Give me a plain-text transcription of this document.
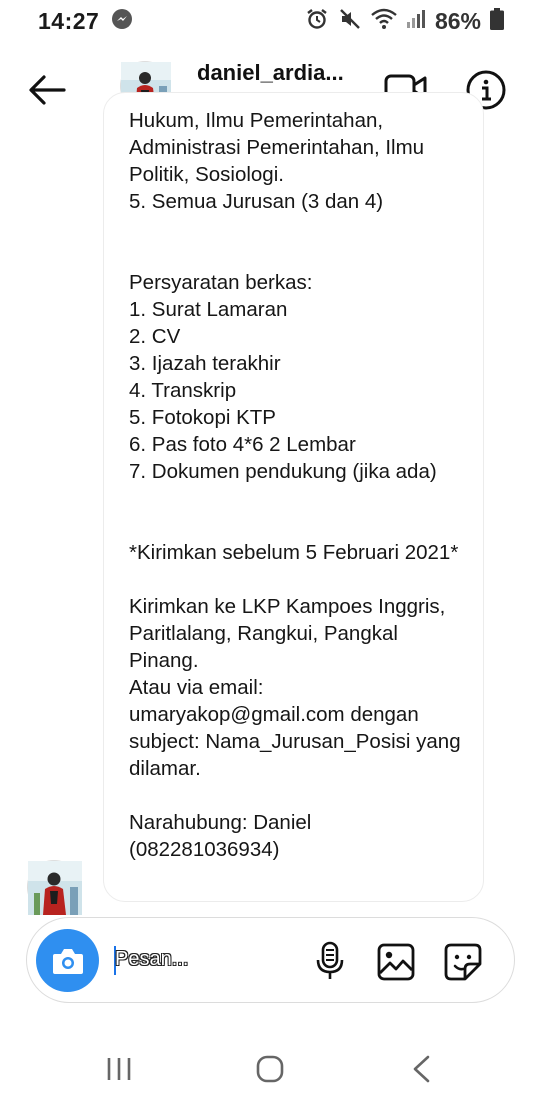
14:27	86%
daniel_ardia...
Hukum, Ilmu Pemerintahan,
Administrasi Pemerintahan, Ilmu Politik, Sosiologi.
5. Semua Jurusan (3 dan 4)

Persyaratan berkas:
1. Surat Lamaran
2. CV
3. Ijazah terakhir
4. Transkrip
5. Fotokopi KTP
6. Pas foto 4*6 2 Lembar
7. Dokumen pendukung (jika ada)

*Kirimkan sebelum 5 Februari 2021*

Kirimkan ke LKP Kampoes Inggris, Paritlalang, Rangkui, Pangkal Pinang.
Atau via email: umaryakop@gmail.com dengan subject: Nama_Jurusan_Posisi yang dilamar.

Narahubung: Daniel
(082281036934)
Pesan...
Pesan...
